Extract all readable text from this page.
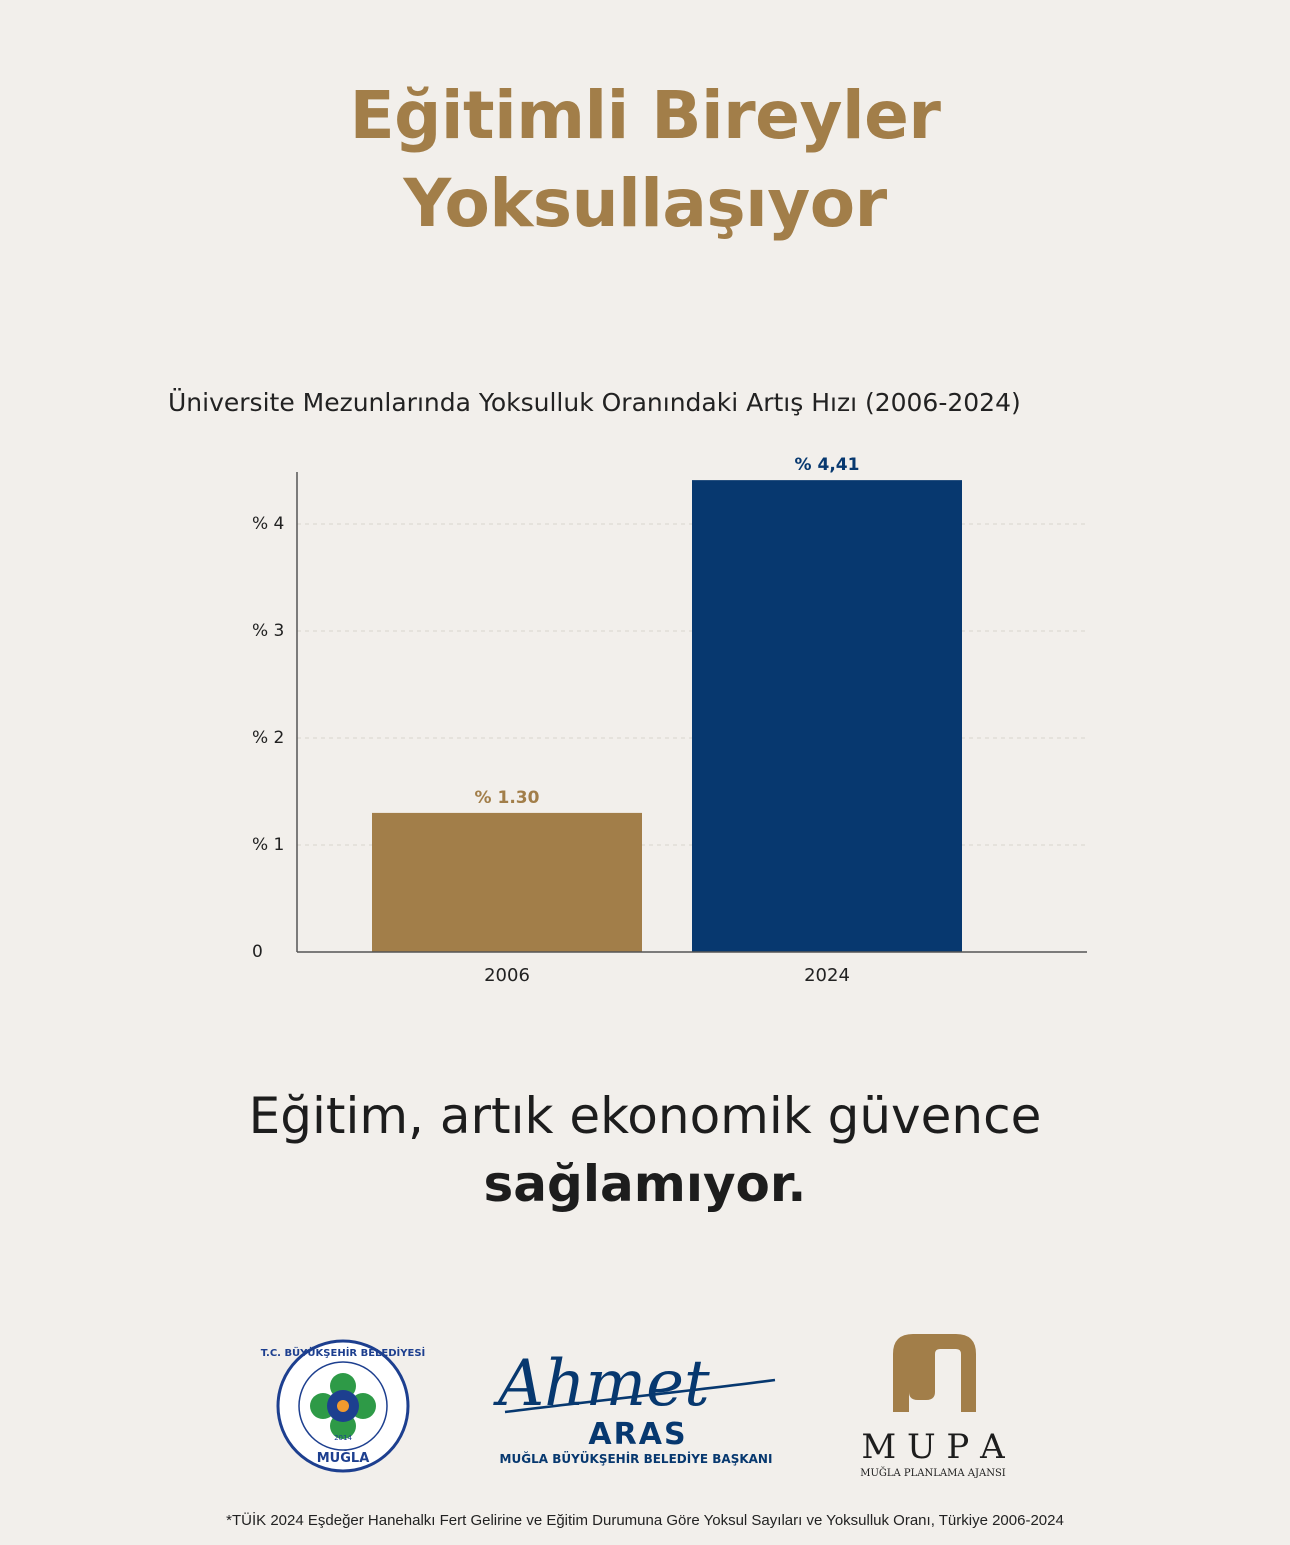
Eğitimli Bireyler
Yoksullaşıyor
Üniversite Mezunlarında Yoksulluk Oranındaki Artış Hızı (2006-2024)
0
% 1
% 2
% 3
% 4
% 1.30
2006
% 4,41
2024
Eğitim, artık ekonomik güvence
sağlamıyor.
T.C. BÜYÜKŞEHİR BELEDİYESİ
2014
MUĞLA
Ahmet
ARAS
MUĞLA BÜYÜKŞEHİR BELEDİYE BAŞKANI	M U P A
MUĞLA PLANLAMA AJANSI
*TÜİK 2024 Eşdeğer Hanehalkı Fert Gelirine ve Eğitim Durumuna Göre Yoksul Sayıları ve Yoksulluk Oranı, Türkiye 2006-2024
